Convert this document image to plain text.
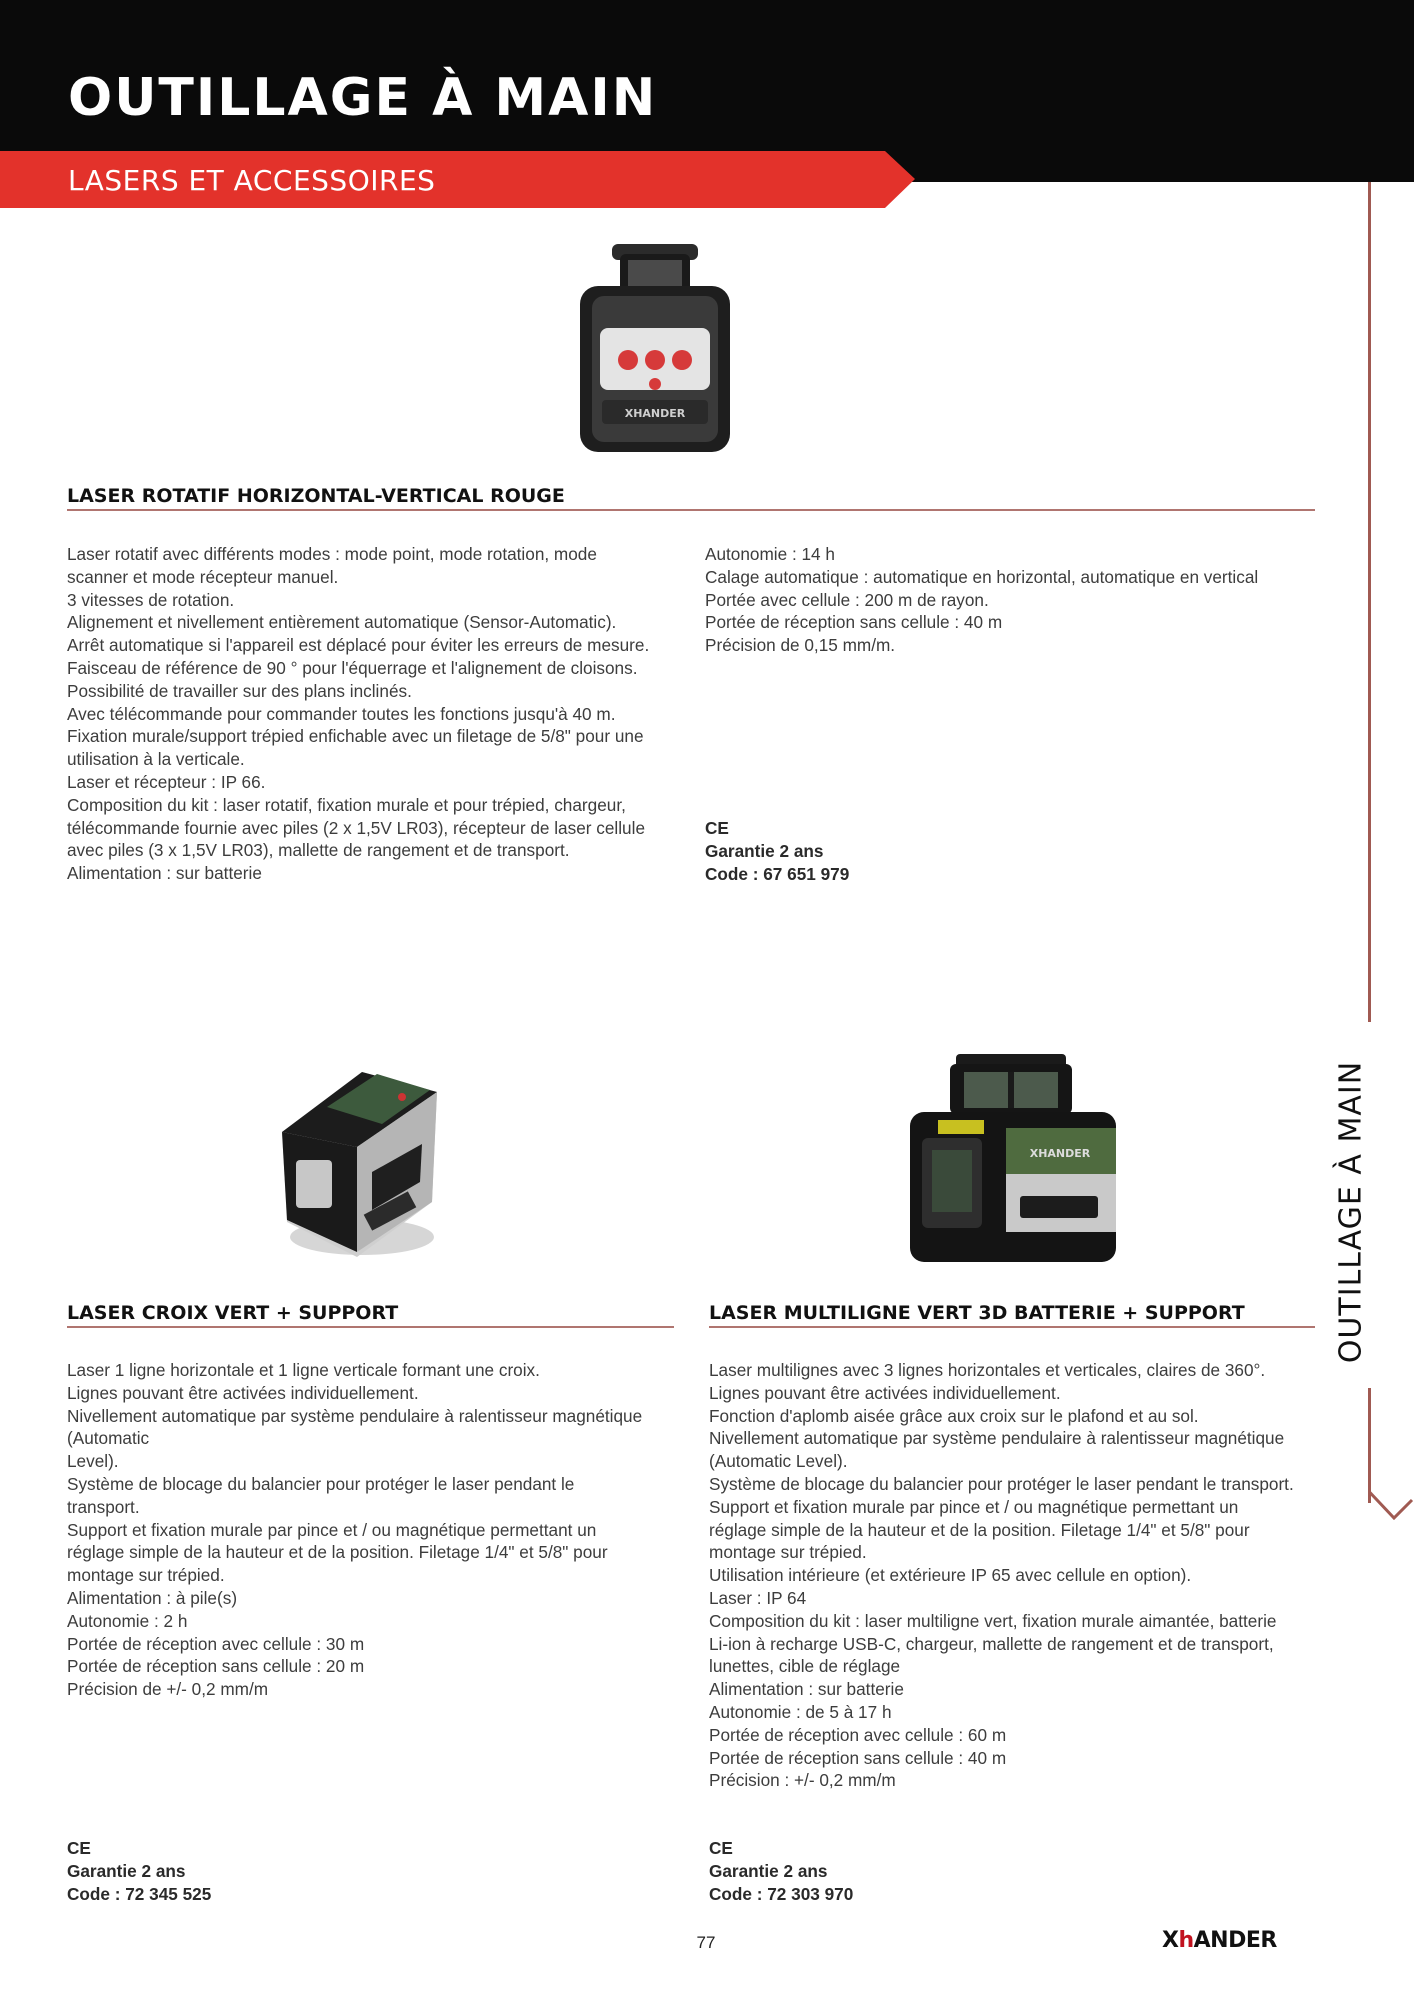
OUTILLAGE À MAIN
LASERS ET ACCESSOIRES
OUTILLAGE À MAIN
XHANDER
LASER ROTATIF HORIZONTAL-VERTICAL ROUGE

Laser rotatif avec différents modes : mode point, mode rotation, mode

scanner et mode récepteur manuel.

3 vitesses de rotation.

Alignement et nivellement entièrement automatique (Sensor-Automatic).

Arrêt automatique si l'appareil est déplacé pour éviter les erreurs de mesure.

Faisceau de référence de 90 ° pour l'équerrage et l'alignement de cloisons.

Possibilité de travailler sur des plans inclinés.

Avec télécommande pour commander toutes les fonctions jusqu'à 40 m.

Fixation murale/support trépied enfichable avec un filetage de 5/8" pour une

utilisation à la verticale.

Laser et récepteur : IP 66.

Composition du kit : laser rotatif, fixation murale et pour trépied, chargeur,

télécommande fournie avec piles (2 x 1,5V LR03), récepteur de laser cellule

avec piles (3 x 1,5V LR03), mallette de rangement et de transport.

Alimentation : sur batterie

Autonomie : 14 h

Calage automatique : automatique en horizontal, automatique en vertical

Portée avec cellule : 200 m de rayon.

Portée de réception sans cellule : 40 m

Précision de 0,15 mm/m.

CE

Garantie 2 ans

Code : 67 651 979

XHANDER
LASER CROIX VERT + SUPPORT

Laser 1 ligne horizontale et 1 ligne verticale formant une croix.

Lignes pouvant être activées individuellement.

Nivellement automatique par système pendulaire à ralentisseur magnétique

(Automatic

Level).

Système de blocage du balancier pour protéger le laser pendant le

transport.

Support et fixation murale par pince et / ou magnétique permettant un

réglage simple de la hauteur et de la position. Filetage 1/4" et 5/8" pour

montage sur trépied.

Alimentation : à pile(s)

Autonomie : 2 h

Portée de réception avec cellule : 30 m

Portée de réception sans cellule : 20 m

Précision de +/- 0,2 mm/m

CE

Garantie 2 ans

Code : 72 345 525

LASER MULTILIGNE VERT 3D BATTERIE + SUPPORT

Laser multilignes avec 3 lignes horizontales et verticales, claires de 360°.

Lignes pouvant être activées individuellement.

Fonction d'aplomb aisée grâce aux croix sur le plafond et au sol.

Nivellement automatique par système pendulaire à ralentisseur magnétique

(Automatic Level).

Système de blocage du balancier pour protéger le laser pendant le transport.

Support et fixation murale par pince et / ou magnétique permettant un

réglage simple de la hauteur et de la position. Filetage 1/4" et 5/8" pour

montage sur trépied.

Utilisation intérieure (et extérieure IP 65 avec cellule en option).

Laser : IP 64

Composition du kit : laser multiligne vert, fixation murale aimantée, batterie

Li-ion à recharge USB-C, chargeur, mallette de rangement et de transport,

lunettes, cible de réglage

Alimentation : sur batterie

Autonomie : de 5 à 17 h

Portée de réception avec cellule : 60 m

Portée de réception sans cellule : 40 m

Précision : +/- 0,2 mm/m

CE

Garantie 2 ans

Code : 72 303 970

77	XhANDER
